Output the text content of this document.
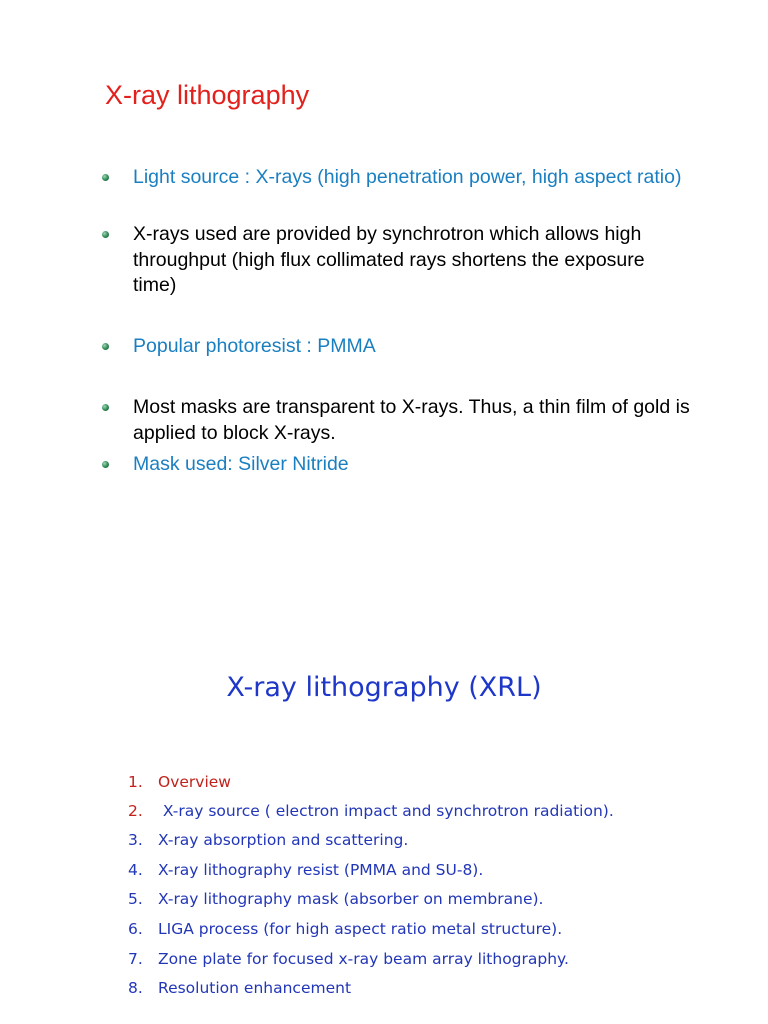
X-ray lithography
Light source : X-rays (high penetration power, high aspect ratio)
X-rays used are provided by synchrotron which allows high throughput (high flux collimated rays shortens the exposure time)
Popular photoresist : PMMA
Most masks are transparent to X-rays. Thus, a thin film of gold is applied to block X-rays.
Mask used: Silver Nitride
X-ray lithography (XRL)
1. Overview
2. X-ray source ( electron impact and synchrotron radiation).
3. X-ray absorption and scattering.
4. X-ray lithography resist (PMMA and SU-8).
5. X-ray lithography mask (absorber on membrane).
6. LIGA process (for high aspect ratio metal structure).
7. Zone plate for focused x-ray beam array lithography.
8. Resolution enhancement
